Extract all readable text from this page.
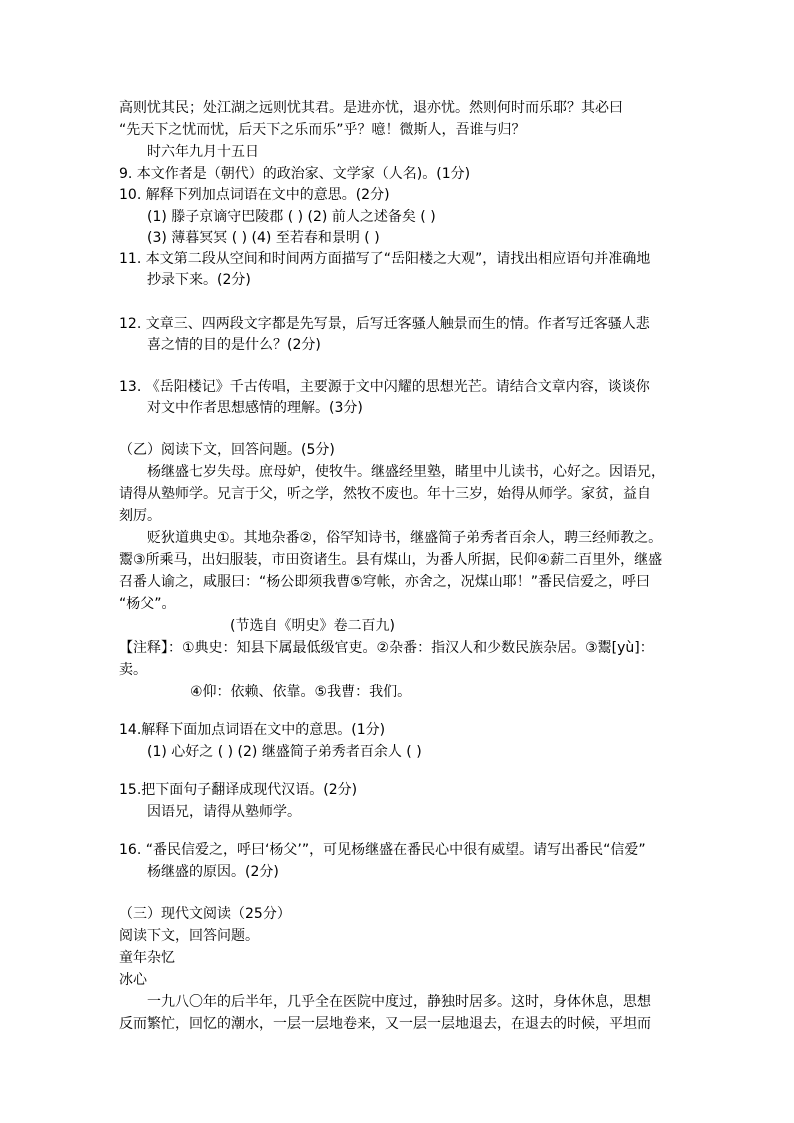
高则忧其民；处江湖之远则忧其君。是进亦忧，退亦忧。然则何时而乐耶？其必曰
“先天下之忧而忧，后天下之乐而乐”乎？噫！微斯人，吾谁与归？
时六年九月十五日
9. 本文作者是（朝代）的政治家、文学家（人名)。(1分)
10. 解释下列加点词语在文中的意思。(2分)
(1) 滕子京谪守巴陵郡 ( ) (2) 前人之述备矣 ( )
(3) 薄暮冥冥 ( ) (4) 至若春和景明 ( )
11. 本文第二段从空间和时间两方面描写了“岳阳楼之大观”，请找出相应语句并准确地
抄录下来。(2分)
12. 文章三、四两段文字都是先写景，后写迁客骚人触景而生的情。作者写迁客骚人悲
喜之情的目的是什么？(2分)
13. 《岳阳楼记》千古传唱，主要源于文中闪耀的思想光芒。请结合文章内容，谈谈你
对文中作者思想感情的理解。(3分)
（乙）阅读下文，回答问题。(5分)
杨继盛七岁失母。庶母妒，使牧牛。继盛经里塾，睹里中儿读书，心好之。因语兄，
请得从塾师学。兄言于父，听之学，然牧不废也。年十三岁，始得从师学。家贫，益自
刻厉。
贬狄道典史①。其地杂番②，俗罕知诗书，继盛简子弟秀者百余人，聘三经师教之。
鬻③所乘马，出妇服装，市田资诸生。县有煤山，为番人所据，民仰④薪二百里外，继盛
召番人谕之，咸服曰：“杨公即须我曹⑤穹帐，亦舍之，况煤山耶！”番民信爱之，呼曰
“杨父”。
(节选自《明史》卷二百九)
【注释】：①典史：知县下属最低级官吏。②杂番：指汉人和少数民族杂居。③鬻[yù]：
卖。
④仰：依赖、依靠。⑤我曹：我们。
14.解释下面加点词语在文中的意思。(1分)
(1) 心好之 ( ) (2) 继盛简子弟秀者百余人 ( )
15.把下面句子翻译成现代汉语。(2分)
因语兄，请得从塾师学。
16. “番民信爱之，呼曰‘杨父’”，可见杨继盛在番民心中很有威望。请写出番民“信爱”
杨继盛的原因。(2分)
（三）现代文阅读（25分）
阅读下文，回答问题。
童年杂忆
冰心
一九八〇年的后半年，几乎全在医院中度过，静独时居多。这时，身体休息，思想
反而繁忙，回忆的潮水，一层一层地卷来，又一层一层地退去，在退去的时候，平坦而
